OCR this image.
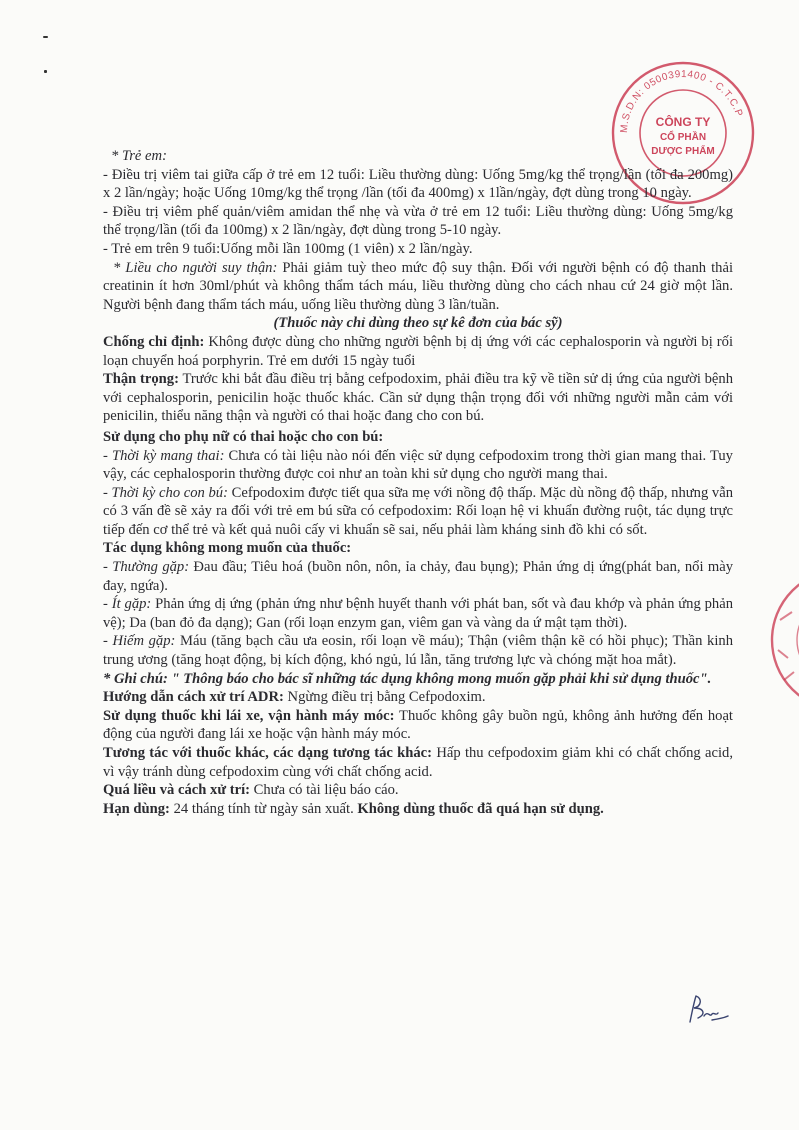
M.S.D.N: 0500391400 - C.T.C.P
CÔNG TY
CỔ PHẦN
DƯỢC PHẨM

* Trẻ em:

- Điều trị viêm tai giữa cấp ở trẻ em 12 tuổi: Liều thường dùng: Uống 5mg/kg thể trọng/lần (tối đa 200mg) x 2 lần/ngày; hoặc Uống 10mg/kg thể trọng /lần (tối đa 400mg) x 1lần/ngày, đợt dùng trong 10 ngày.

- Điều trị viêm phế quản/viêm amidan thể nhẹ và vừa ở trẻ em 12 tuổi: Liều thường dùng: Uống 5mg/kg thể trọng/lần (tối đa 100mg) x 2 lần/ngày, đợt dùng trong 5-10 ngày.

- Trẻ em trên 9 tuổi:Uống mỗi lần 100mg (1 viên) x 2 lần/ngày.

* Liều cho người suy thận: Phải giảm tuỳ theo mức độ suy thận. Đối với người bệnh có độ thanh thải creatinin ít hơn 30ml/phút và không thẩm tách máu, liều thường dùng cho cách nhau cứ 24 giờ một lần. Người bệnh đang thẩm tách máu, uống liều thường dùng 3 lần/tuần.

(Thuốc này chỉ dùng theo sự kê đơn của bác sỹ)

Chống chỉ định: Không được dùng cho những người bệnh bị dị ứng với các cephalosporin và người bị rối loạn chuyển hoá porphyrin. Trẻ em dưới 15 ngày tuổi

Thận trọng: Trước khi bắt đầu điều trị bằng cefpodoxim, phải điều tra kỹ về tiền sử dị ứng của người bệnh với cephalosporin, penicilin hoặc thuốc khác. Cần sử dụng thận trọng đối với những người mẫn cảm với penicilin, thiểu năng thận và người có thai hoặc đang cho con bú.

Sử dụng cho phụ nữ có thai hoặc cho con bú:

- Thời kỳ mang thai: Chưa có tài liệu nào nói đến việc sử dụng cefpodoxim trong thời gian mang thai. Tuy vậy, các cephalosporin thường được coi như an toàn khi sử dụng cho người mang thai.

- Thời kỳ cho con bú: Cefpodoxim được tiết qua sữa mẹ với nồng độ thấp. Mặc dù nồng độ thấp, nhưng vẫn có 3 vấn đề sẽ xảy ra đối với trẻ em bú sữa có cefpodoxim: Rối loạn hệ vi khuẩn đường ruột, tác dụng trực tiếp đến cơ thể trẻ và kết quả nuôi cấy vi khuẩn sẽ sai, nếu phải làm kháng sinh đồ khi có sốt.

Tác dụng không mong muốn của thuốc:

- Thường gặp: Đau đầu; Tiêu hoá (buồn nôn, nôn, ỉa chảy, đau bụng); Phản ứng dị ứng(phát ban, nổi mày đay, ngứa).

- Ít gặp: Phản ứng dị ứng (phản ứng như bệnh huyết thanh với phát ban, sốt và đau khớp và phản ứng phản vệ); Da (ban đỏ đa dạng); Gan (rối loạn enzym gan, viêm gan và vàng da ứ mật tạm thời).

- Hiếm gặp: Máu (tăng bạch cầu ưa eosin, rối loạn về máu); Thận (viêm thận kẽ có hồi phục); Thần kinh trung ương (tăng hoạt động, bị kích động, khó ngủ, lú lẫn, tăng trương lực và chóng mặt hoa mắt).

* Ghi chú: " Thông báo cho bác sĩ những tác dụng không mong muốn gặp phải khi sử dụng thuốc".

Hướng dẫn cách xử trí ADR: Ngừng điều trị bằng Cefpodoxim.

Sử dụng thuốc khi lái xe, vận hành máy móc: Thuốc không gây buồn ngủ, không ảnh hưởng đến hoạt động của người đang lái xe hoặc vận hành máy móc.

Tương tác với thuốc khác, các dạng tương tác khác: Hấp thu cefpodoxim giảm khi có chất chống acid, vì vậy tránh dùng cefpodoxim cùng với chất chống acid.

Quá liều và cách xử trí: Chưa có tài liệu báo cáo.

Hạn dùng: 24 tháng tính từ ngày sản xuất. Không dùng thuốc đã quá hạn sử dụng.
